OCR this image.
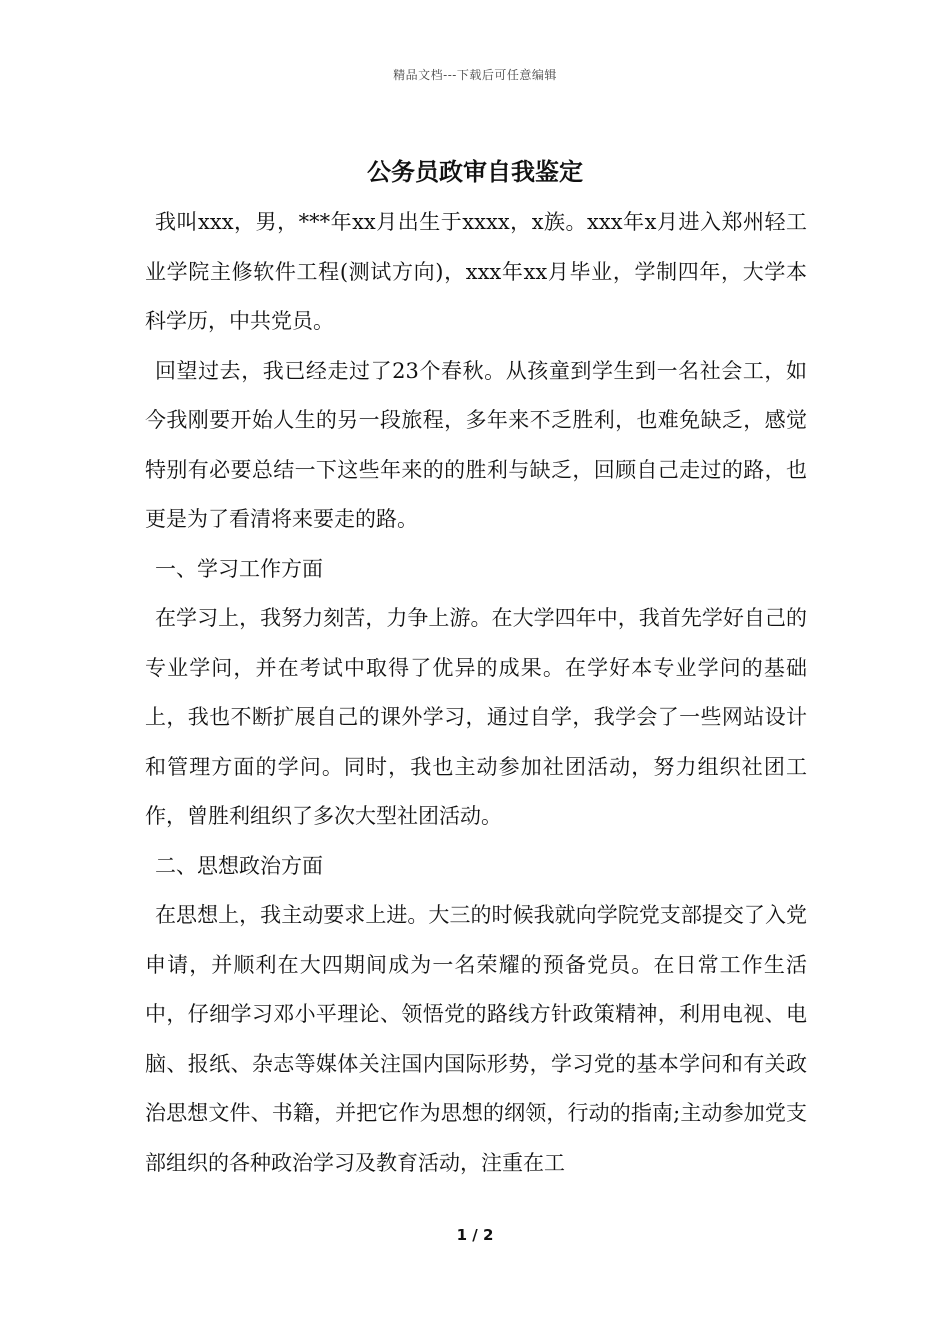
精品文档---下载后可任意编辑
公务员政审自我鉴定

我叫xxx，男，***年xx月出生于xxxx，x族。xxx年x月进入郑州轻工业学院主修软件工程(测试方向)，xxx年xx月毕业，学制四年，大学本科学历，中共党员。

回望过去，我已经走过了23个春秋。从孩童到学生到一名社会工，如今我刚要开始人生的另一段旅程，多年来不乏胜利，也难免缺乏，感觉特别有必要总结一下这些年来的的胜利与缺乏，回顾自己走过的路，也更是为了看清将来要走的路。

一、学习工作方面

在学习上，我努力刻苦，力争上游。在大学四年中，我首先学好自己的专业学问，并在考试中取得了优异的成果。在学好本专业学问的基础上，我也不断扩展自己的课外学习，通过自学，我学会了一些网站设计和管理方面的学问。同时，我也主动参加社团活动，努力组织社团工作，曾胜利组织了多次大型社团活动。

二、思想政治方面

在思想上，我主动要求上进。大三的时候我就向学院党支部提交了入党申请，并顺利在大四期间成为一名荣耀的预备党员。在日常工作生活中，仔细学习邓小平理论、领悟党的路线方针政策精神，利用电视、电脑、报纸、杂志等媒体关注国内国际形势，学习党的基本学问和有关政治思想文件、书籍，并把它作为思想的纲领，行动的指南;主动参加党支部组织的各种政治学习及教育活动，注重在工

1 / 2
